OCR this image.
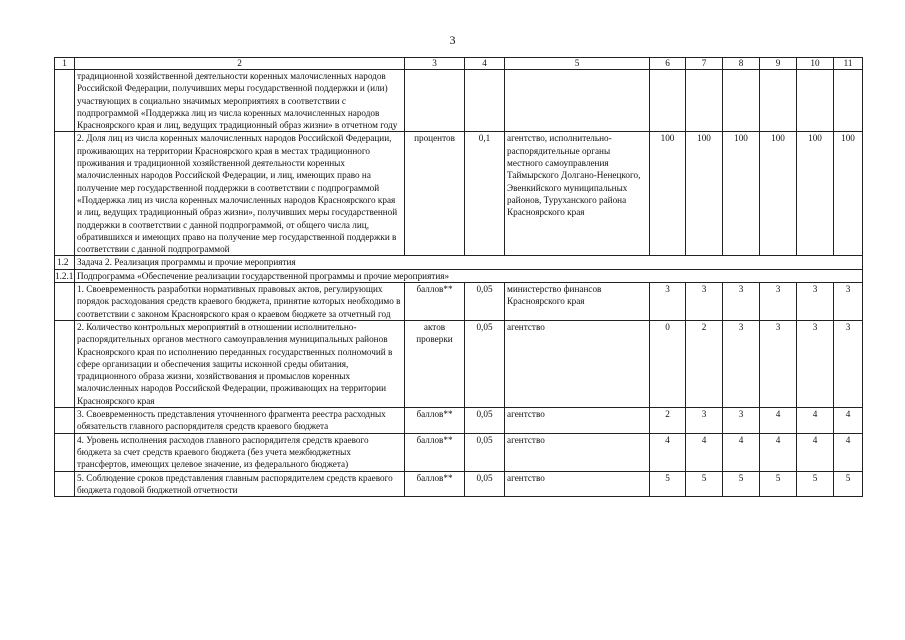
3
1	2	3	4	5	6	7	8	9	10	11
	традиционной хозяйственной деятельности коренных малочисленных народов Российской Федерации, получивших меры государственной поддержки и (или) участвующих в социально значимых мероприятиях в соответствии с подпрограммой «Поддержка лиц из числа коренных малочисленных народов Красноярского края и лиц, ведущих традиционный образ жизни» в отчетном году									
	2. Доля лиц из числа коренных малочисленных народов Российской Федерации, проживающих на территории Красноярского края в местах традиционного проживания и традиционной хозяйственной деятельности коренных малочисленных народов Российской Федерации, и лиц, имеющих право на получение мер государственной поддержки в соответствии с подпрограммой «Поддержка лиц из числа коренных малочисленных народов Красноярского края и лиц, ведущих традиционный образ жизни», получивших меры государственной поддержки в соответствии с данной подпрограммой, от общего числа лиц, обратившихся и имеющих право на получение мер государственной поддержки в соответствии с данной подпрограммой	процентов	0,1	агентство, исполнительно-распорядительные органы местного самоуправления Таймырского Долгано-Ненецкого, Эвенкийского муниципальных районов, Туруханского района Красноярского края	100	100	100	100	100	100
1.2	Задача 2. Реализация программы и прочие мероприятия									
1.2.1	Подпрограмма «Обеспечение реализации государственной программы и прочие мероприятия»									
	1. Своевременность разработки нормативных правовых актов, регулирующих порядок расходования средств краевого бюджета, принятие которых необходимо в соответствии с законом Красноярского края о краевом бюджете за отчетный год	баллов**	0,05	министерство финансов Красноярского края	3	3	3	3	3	3
	2. Количество контрольных мероприятий в отношении исполнительно-распорядительных органов местного самоуправления муниципальных районов Красноярского края по исполнению переданных государственных полномочий в сфере организации и обеспечения защиты исконной среды обитания, традиционного образа жизни, хозяйствования и промыслов коренных малочисленных народов Российской Федерации, проживающих на территории Красноярского края	актов проверки	0,05	агентство	0	2	3	3	3	3
	3. Своевременность представления уточненного фрагмента реестра расходных обязательств главного распорядителя средств краевого бюджета	баллов**	0,05	агентство	2	3	3	4	4	4
	4. Уровень исполнения расходов главного распорядителя средств краевого бюджета за счет средств краевого бюджета (без учета межбюджетных трансфертов, имеющих целевое значение, из федерального бюджета)	баллов**	0,05	агентство	4	4	4	4	4	4
	5. Соблюдение сроков представления главным распорядителем средств краевого бюджета годовой бюджетной отчетности	баллов**	0,05	агентство	5	5	5	5	5	5
